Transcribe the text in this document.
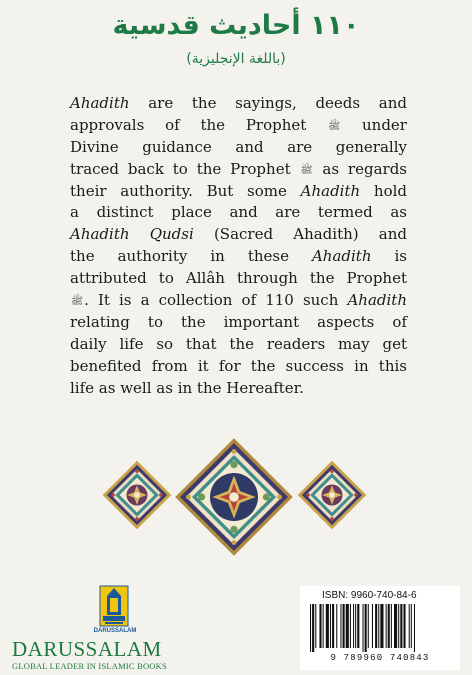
١١٠ أحاديث قدسية
(باللغة الإنجليزية)
Ahadith are the sayings, deeds and
approvals of the Prophet ﷺ under
Divine guidance and are generally
traced back to the Prophet ﷺ as regards
their authority. But some Ahadith hold
a distinct place and are termed as
Ahadith Qudsi (Sacred Ahadith) and
the authority in these Ahadith is
attributed to Allâh through the Prophet
ﷺ. It is a collection of 110 such Ahadith
relating to the important aspects of
daily life so that the readers may get
benefited from it for the success in this
life as well as in the Hereafter.
DARUSSALAM
DARUSSALAM
GLOBAL LEADER IN ISLAMIC BOOKS
ISBN: 9960-740-84-6
9 789960 740843
